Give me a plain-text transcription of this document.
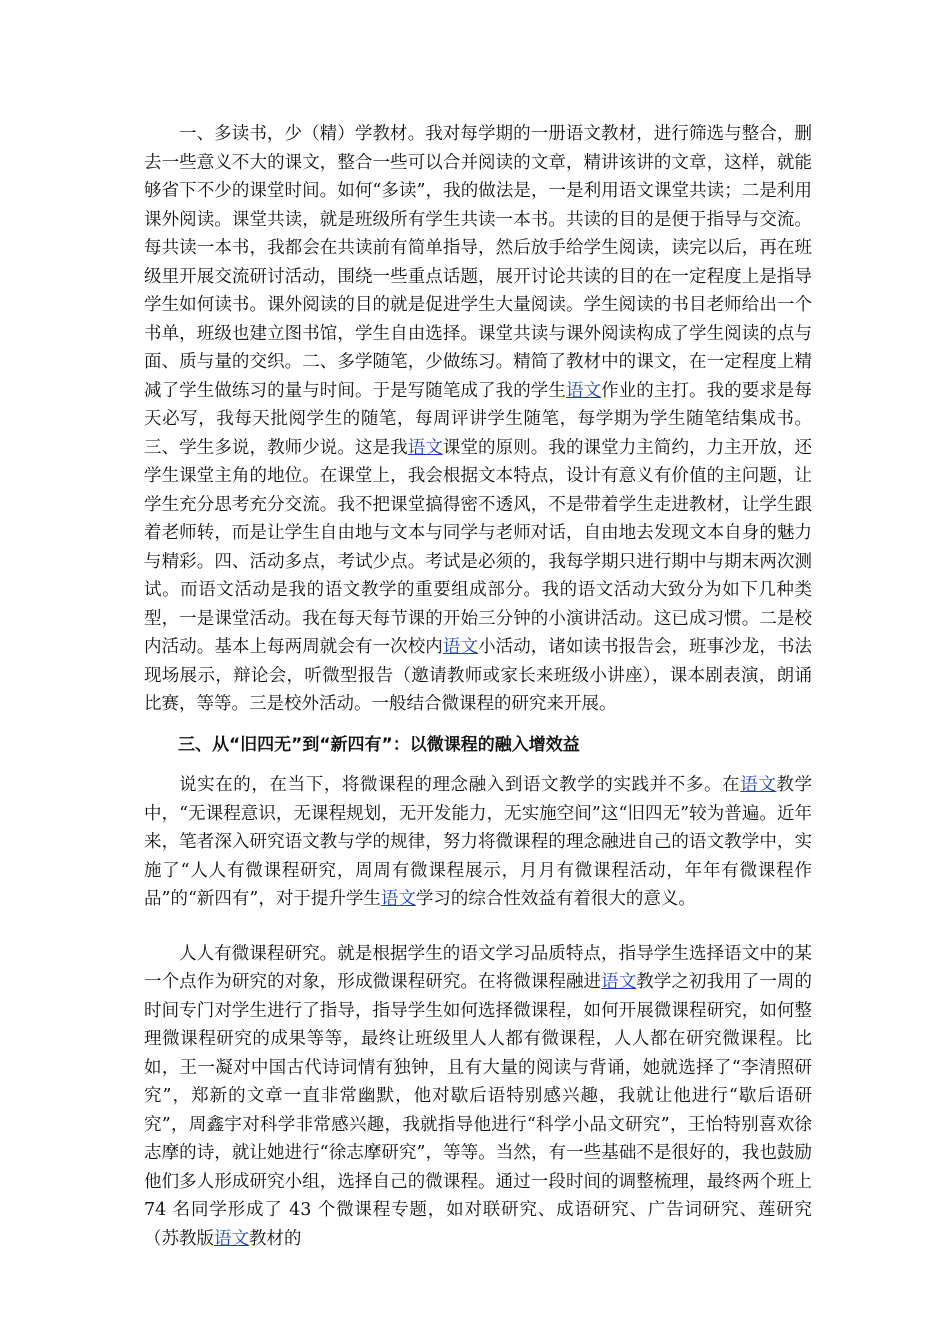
一、多读书，少（精）学教材。我对每学期的一册语文教材，进行筛选与整合，删去一些意义不大的课文，整合一些可以合并阅读的文章，精讲该讲的文章，这样，就能够省下不少的课堂时间。如何“多读”，我的做法是，一是利用语文课堂共读；二是利用课外阅读。课堂共读，就是班级所有学生共读一本书。共读的目的是便于指导与交流。每共读一本书，我都会在共读前有简单指导，然后放手给学生阅读，读完以后，再在班级里开展交流研讨活动，围绕一些重点话题，展开讨论共读的目的在一定程度上是指导学生如何读书。课外阅读的目的就是促进学生大量阅读。学生阅读的书目老师给出一个书单，班级也建立图书馆，学生自由选择。课堂共读与课外阅读构成了学生阅读的点与面、质与量的交织。二、多学随笔，少做练习。精简了教材中的课文，在一定程度上精减了学生做练习的量与时间。于是写随笔成了我的学生语文作业的主打。我的要求是每天必写，我每天批阅学生的随笔，每周评讲学生随笔，每学期为学生随笔结集成书。三、学生多说，教师少说。这是我语文课堂的原则。我的课堂力主简约，力主开放，还学生课堂主角的地位。在课堂上，我会根据文本特点，设计有意义有价值的主问题，让学生充分思考充分交流。我不把课堂搞得密不透风，不是带着学生走进教材，让学生跟着老师转，而是让学生自由地与文本与同学与老师对话，自由地去发现文本自身的魅力与精彩。四、活动多点，考试少点。考试是必须的，我每学期只进行期中与期末两次测试。而语文活动是我的语文教学的重要组成部分。我的语文活动大致分为如下几种类型，一是课堂活动。我在每天每节课的开始三分钟的小演讲活动。这已成习惯。二是校内活动。基本上每两周就会有一次校内语文小活动，诸如读书报告会，班事沙龙，书法现场展示，辩论会，听微型报告（邀请教师或家长来班级小讲座），课本剧表演，朗诵比赛，等等。三是校外活动。一般结合微课程的研究来开展。

三、从“旧四无”到“新四有”：以微课程的融入增效益

说实在的，在当下，将微课程的理念融入到语文教学的实践并不多。在语文教学中，“无课程意识，无课程规划，无开发能力，无实施空间”这“旧四无”较为普遍。近年来，笔者深入研究语文教与学的规律，努力将微课程的理念融进自己的语文教学中，实施了“人人有微课程研究，周周有微课程展示，月月有微课程活动，年年有微课程作品”的“新四有”，对于提升学生语文学习的综合性效益有着很大的意义。

人人有微课程研究。就是根据学生的语文学习品质特点，指导学生选择语文中的某一个点作为研究的对象，形成微课程研究。在将微课程融进语文教学之初我用了一周的时间专门对学生进行了指导，指导学生如何选择微课程，如何开展微课程研究，如何整理微课程研究的成果等等，最终让班级里人人都有微课程，人人都在研究微课程。比如，王一凝对中国古代诗词情有独钟，且有大量的阅读与背诵，她就选择了“李清照研究”，郑新的文章一直非常幽默，他对歇后语特别感兴趣，我就让他进行“歇后语研究”，周鑫宇对科学非常感兴趣，我就指导他进行“科学小品文研究”，王怡特别喜欢徐志摩的诗，就让她进行“徐志摩研究”，等等。当然，有一些基础不是很好的，我也鼓励他们多人形成研究小组，选择自己的微课程。通过一段时间的调整梳理，最终两个班上 74 名同学形成了 43 个微课程专题，如对联研究、成语研究、广告词研究、莲研究（苏教版语文教材的
